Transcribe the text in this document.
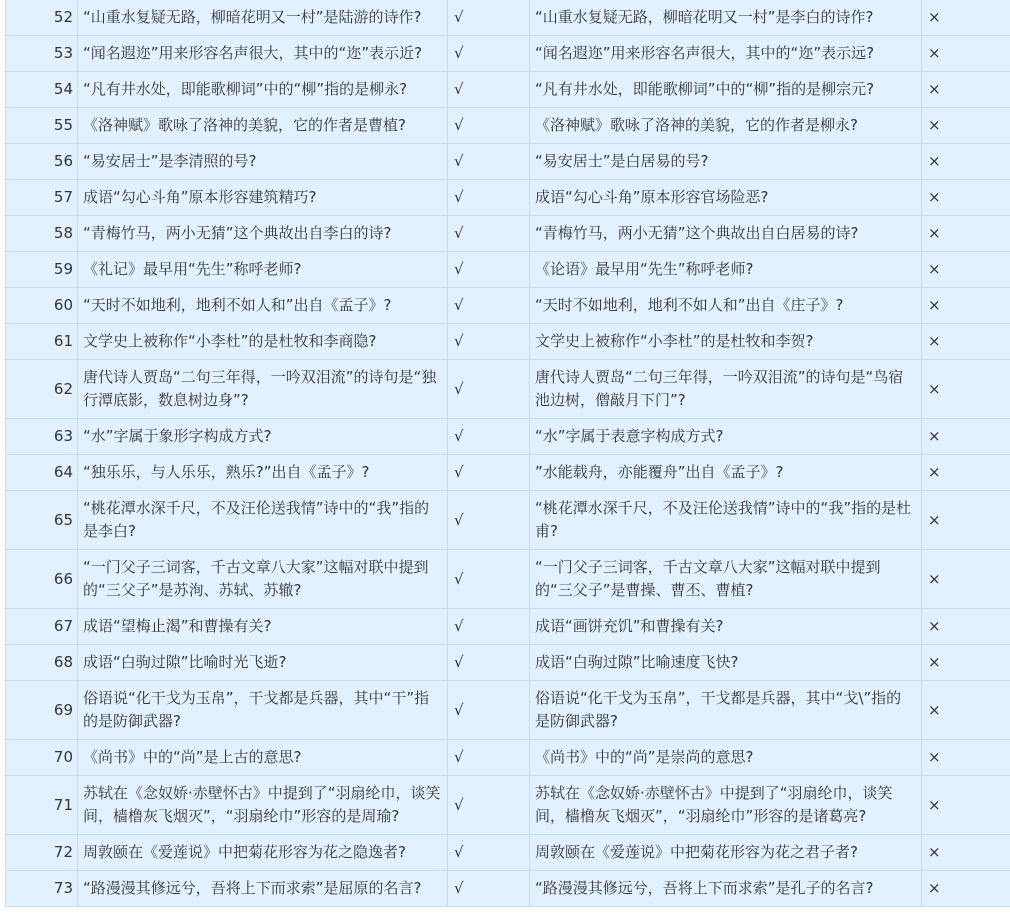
52	“山重水复疑无路，柳暗花明又一村”是陆游的诗作?	√	“山重水复疑无路，柳暗花明又一村”是李白的诗作?	×
53	“闻名遐迩”用来形容名声很大，其中的“迩”表示近?	√	“闻名遐迩”用来形容名声很大，其中的“迩”表示远?	×
54	“凡有井水处，即能歌柳词”中的“柳”指的是柳永?	√	“凡有井水处，即能歌柳词”中的“柳”指的是柳宗元?	×
55	《洛神赋》歌咏了洛神的美貌，它的作者是曹植?	√	《洛神赋》歌咏了洛神的美貌，它的作者是柳永?	×
56	“易安居士”是李清照的号?	√	“易安居士”是白居易的号?	×
57	成语“勾心斗角”原本形容建筑精巧?	√	成语“勾心斗角”原本形容官场险恶?	×
58	“青梅竹马，两小无猜”这个典故出自李白的诗?	√	“青梅竹马，两小无猜”这个典故出自白居易的诗?	×
59	《礼记》最早用“先生”称呼老师?	√	《论语》最早用“先生”称呼老师?	×
60	“天时不如地利，地利不如人和”出自《孟子》?	√	“天时不如地利，地利不如人和”出自《庄子》?	×
61	文学史上被称作“小李杜”的是杜牧和李商隐?	√	文学史上被称作“小李杜”的是杜牧和李贺?	×
62	唐代诗人贾岛“二句三年得，一吟双泪流”的诗句是“独行潭底影，数息树边身”?	√	唐代诗人贾岛“二句三年得，一吟双泪流”的诗句是“鸟宿池边树，僧敲月下门”?	×
63	“水”字属于象形字构成方式?	√	“水”字属于表意字构成方式?	×
64	“独乐乐，与人乐乐，熟乐?”出自《孟子》?	√	”水能载舟，亦能覆舟”出自《孟子》?	×
65	“桃花潭水深千尺，不及汪伦送我情”诗中的“我”指的是李白?	√	“桃花潭水深千尺，不及汪伦送我情”诗中的“我”指的是杜甫?	×
66	“一门父子三词客，千古文章八大家”这幅对联中提到的“三父子”是苏洵、苏轼、苏辙?	√	“一门父子三词客，千古文章八大家”这幅对联中提到的“三父子”是曹操、曹丕、曹植?	×
67	成语“望梅止渴”和曹操有关?	√	成语“画饼充饥”和曹操有关?	×
68	成语“白驹过隙”比喻时光飞逝?	√	成语“白驹过隙”比喻速度飞快?	×
69	俗语说“化干戈为玉帛”，干戈都是兵器，其中“干”指的是防御武器?	√	俗语说“化干戈为玉帛”，干戈都是兵器，其中“戈\”指的是防御武器?	×
70	《尚书》中的“尚”是上古的意思?	√	《尚书》中的“尚”是崇尚的意思?	×
71	苏轼在《念奴娇·赤壁怀古》中提到了“羽扇纶巾，谈笑间，樯橹灰飞烟灭”，“羽扇纶巾”形容的是周瑜?	√	苏轼在《念奴娇·赤壁怀古》中提到了“羽扇纶巾，谈笑间，樯橹灰飞烟灭”，“羽扇纶巾”形容的是诸葛亮?	×
72	周敦颐在《爱莲说》中把菊花形容为花之隐逸者?	√	周敦颐在《爱莲说》中把菊花形容为花之君子者?	×
73	“路漫漫其修远兮，吾将上下而求索”是屈原的名言?	√	“路漫漫其修远兮，吾将上下而求索”是孔子的名言?	×
